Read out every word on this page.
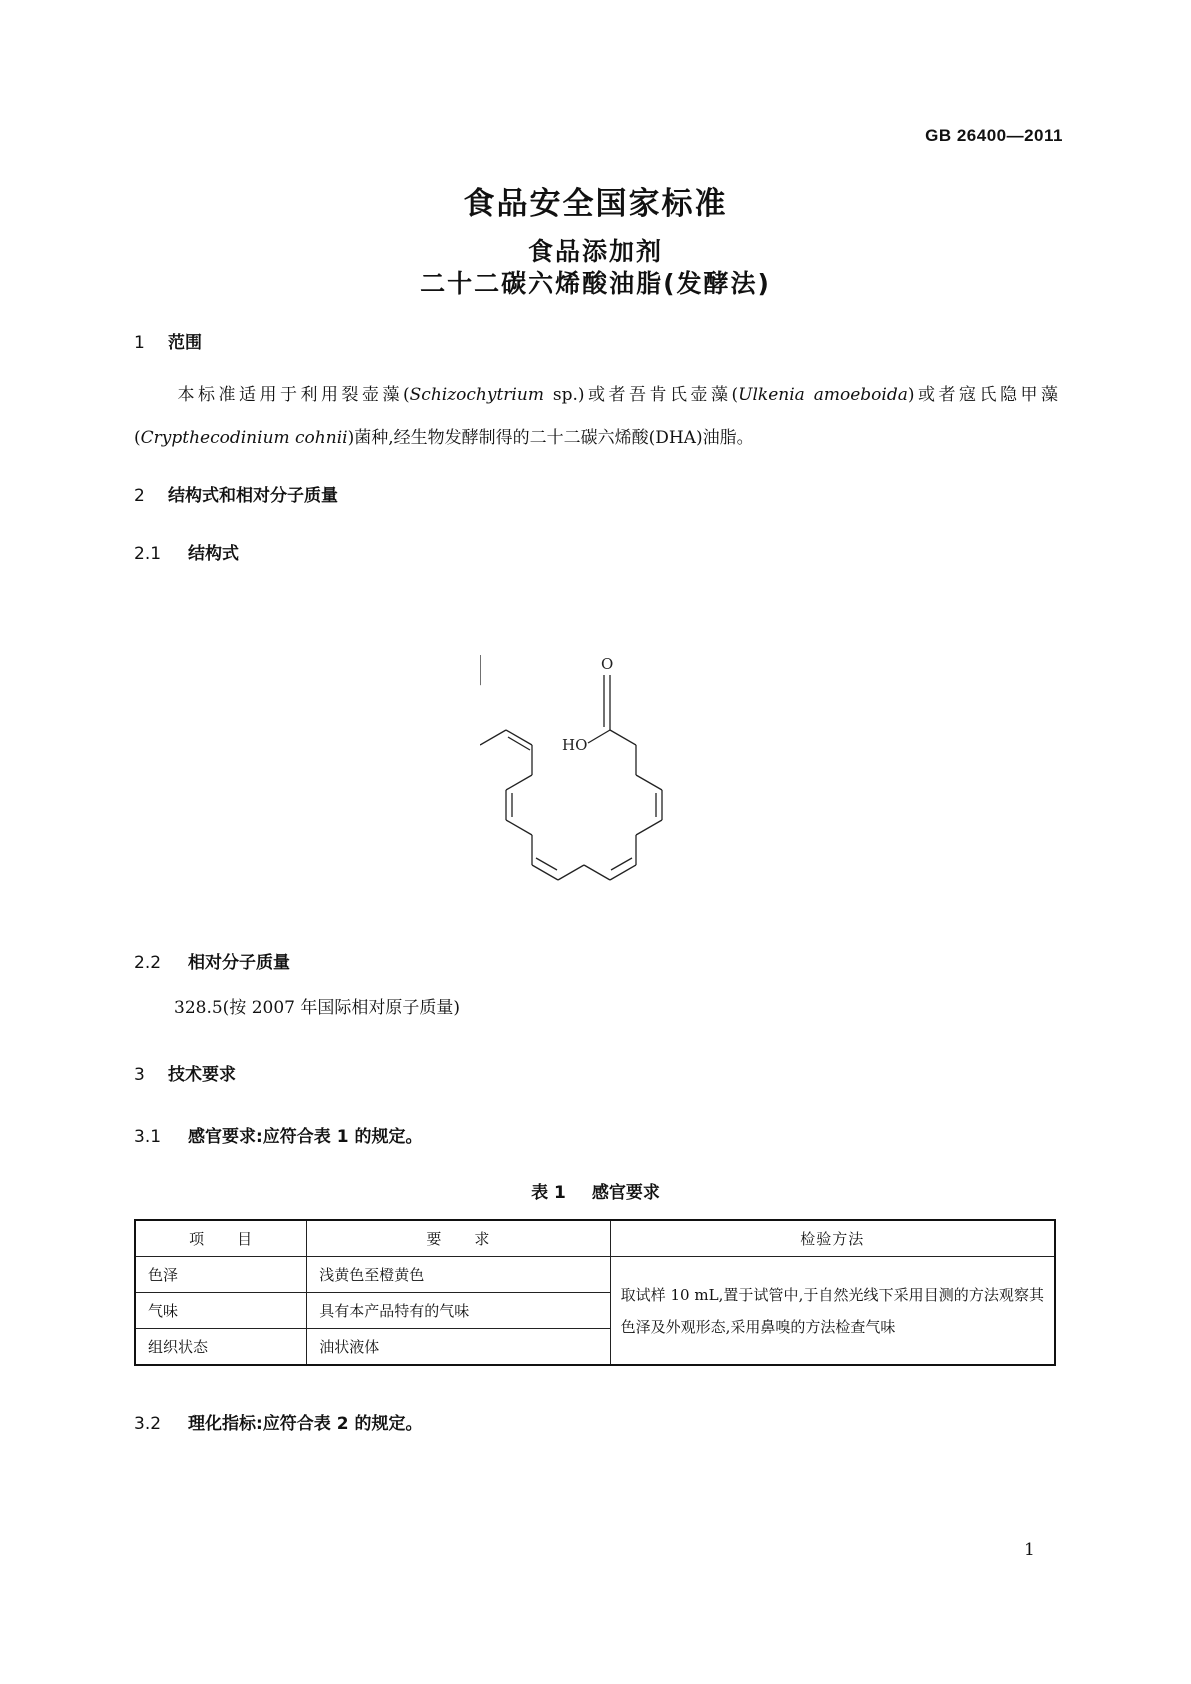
GB 26400—2011
食品安全国家标准
食品添加剂
二十二碳六烯酸油脂(发酵法)
1 范围
本标准适用于利用裂壶藻(Schizochytrium sp.)或者吾肯氏壶藻(Ulkenia amoeboida)或者寇氏隐甲藻(Crypthecodinium cohnii)菌种,经生物发酵制得的二十二碳六烯酸(DHA)油脂。
2 结构式和相对分子质量
2.1 结构式
O
HO
2.2 相对分子质量
328.5(按 2007 年国际相对原子质量)
3 技术要求
3.1 感官要求:应符合表 1 的规定。
表 1 感官要求
项　　目	要　　求	检验方法
色泽	浅黄色至橙黄色	取试样 10 mL,置于试管中,于自然光线下采用目测的方法观察其色泽及外观形态,采用鼻嗅的方法检查气味
气味	具有本产品特有的气味	
组织状态	油状液体	
3.2 理化指标:应符合表 2 的规定。
1
